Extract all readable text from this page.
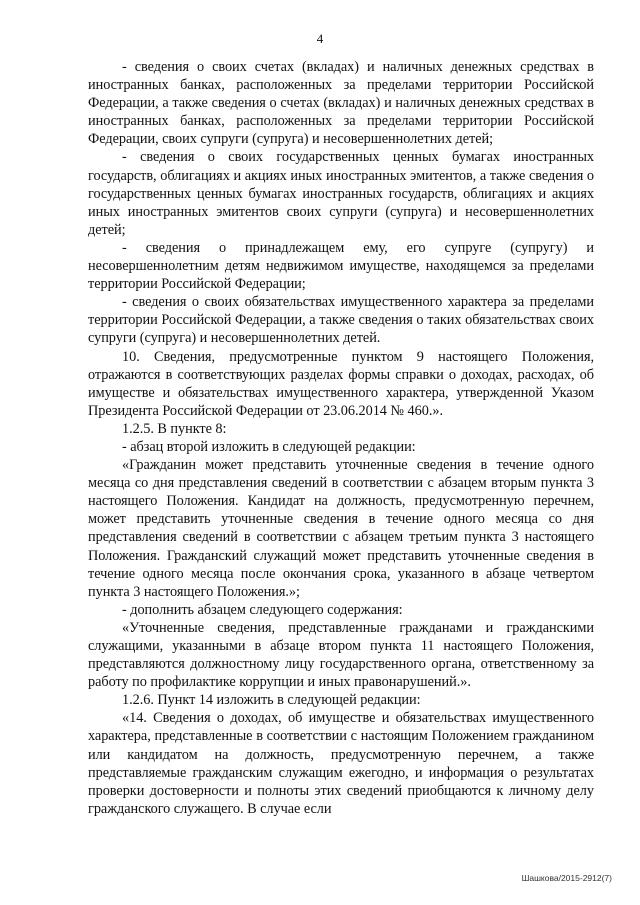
4

- сведения о своих счетах (вкладах) и наличных денежных средствах в иностранных банках, расположенных за пределами территории Российской Федерации, а также сведения о счетах (вкладах) и наличных денежных средствах в иностранных банках, расположенных за пределами территории Российской Федерации, своих супруги (супруга) и несовершеннолетних детей;

- сведения о своих государственных ценных бумагах иностранных государств, облигациях и акциях иных иностранных эмитентов, а также сведения о государственных ценных бумагах иностранных государств, облигациях и акциях иных иностранных эмитентов своих супруги (супруга) и несовершеннолетних детей;

- сведения о принадлежащем ему, его супруге (супругу) и несовершеннолетним детям недвижимом имуществе, находящемся за пределами территории Российской Федерации;

- сведения о своих обязательствах имущественного характера за пределами территории Российской Федерации, а также сведения о таких обязательствах своих супруги (супруга) и несовершеннолетних детей.

10. Сведения, предусмотренные пунктом 9 настоящего Положения, отражаются в соответствующих разделах формы справки о доходах, расходах, об имуществе и обязательствах имущественного характера, утвержденной Указом Президента Российской Федерации от 23.06.2014 № 460.».

1.2.5. В пункте 8:

- абзац второй изложить в следующей редакции:

«Гражданин может представить уточненные сведения в течение одного месяца со дня представления сведений в соответствии с абзацем вторым пункта 3 настоящего Положения. Кандидат на должность, предусмотренную перечнем, может представить уточненные сведения в течение одного месяца со дня представления сведений в соответствии с абзацем третьим пункта 3 настоящего Положения. Гражданский служащий может представить уточненные сведения в течение одного месяца после окончания срока, указанного в абзаце четвертом пункта 3 настоящего Положения.»;

- дополнить абзацем следующего содержания:

«Уточненные сведения, представленные гражданами и гражданскими служащими, указанными в абзаце втором пункта 11 настоящего Положения, представляются должностному лицу государственного органа, ответственному за работу по профилактике коррупции и иных правонарушений.».

1.2.6. Пункт 14 изложить в следующей редакции:

«14. Сведения о доходах, об имуществе и обязательствах имущественного характера, представленные в соответствии с настоящим Положением гражданином или кандидатом на должность, предусмотренную перечнем, а также представляемые гражданским служащим ежегодно, и информация о результатах проверки достоверности и полноты этих сведений приобщаются к личному делу гражданского служащего. В случае если

Шашкова/2015-2912(7)
